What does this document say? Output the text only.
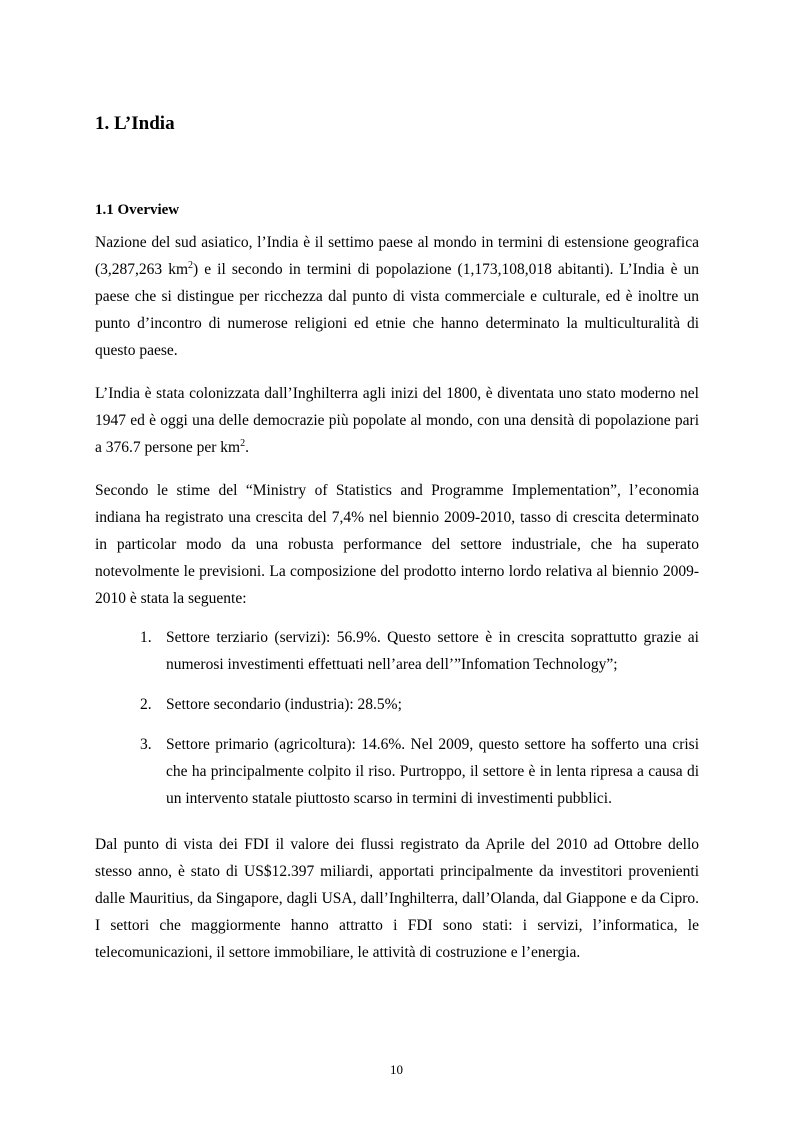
1. L’India
1.1 Overview

Nazione del sud asiatico, l’India è il settimo paese al mondo in termini di estensione geografica (3,287,263 $km^2$) e il secondo in termini di popolazione (1,173,108,018 abitanti). L’India è un paese che si distingue per ricchezza dal punto di vista commerciale e culturale, ed è inoltre un punto d’incontro di numerose religioni ed etnie che hanno determinato la multiculturalità di questo paese.

L’India è stata colonizzata dall’Inghilterra agli inizi del 1800, è diventata uno stato moderno nel 1947 ed è oggi una delle democrazie più popolate al mondo, con una densità di popolazione pari a 376.7 persone per $km^2$.

Secondo le stime del “Ministry of Statistics and Programme Implementation”, l’economia indiana ha registrato una crescita del 7,4% nel biennio 2009-2010, tasso di crescita determinato in particolar modo da una robusta performance del settore industriale, che ha superato notevolmente le previsioni. La composizione del prodotto interno lordo relativa al biennio 2009-2010 è stata la seguente:

1. Settore terziario (servizi): 56.9%. Questo settore è in crescita soprattutto grazie ai numerosi investimenti effettuati nell’area dell’”Infomation Technology”;
2. Settore secondario (industria): 28.5%;
3. Settore primario (agricoltura): 14.6%. Nel 2009, questo settore ha sofferto una crisi che ha principalmente colpito il riso. Purtroppo, il settore è in lenta ripresa a causa di un intervento statale piuttosto scarso in termini di investimenti pubblici.

Dal punto di vista dei FDI il valore dei flussi registrato da Aprile del 2010 ad Ottobre dello stesso anno, è stato di US$12.397 miliardi, apportati principalmente da investitori provenienti dalle Mauritius, da Singapore, dagli USA, dall’Inghilterra, dall’Olanda, dal Giappone e da Cipro. I settori che maggiormente hanno attratto i FDI sono stati: i servizi, l’informatica, le telecomunicazioni, il settore immobiliare, le attività di costruzione e l’energia.

10
